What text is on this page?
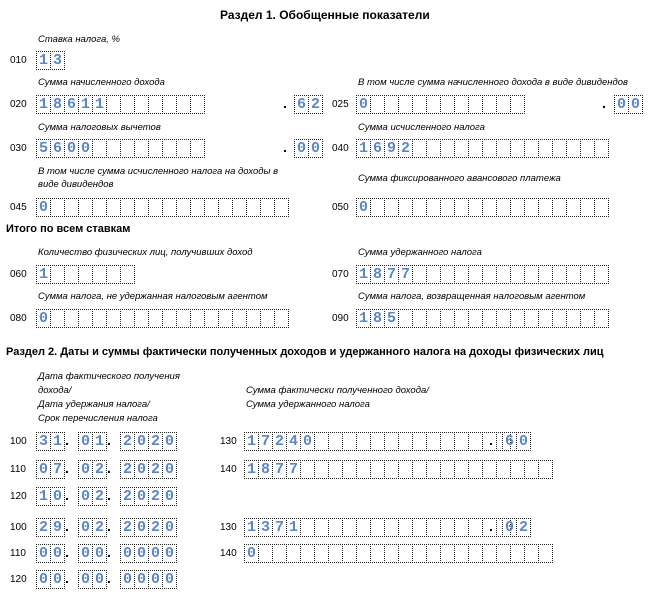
Раздел 1. Обобщенные показатели
Ставка налога, %
010 1 3
Сумма начисленного дохода
020 1 8 6 1 1	. 6 2
В том числе сумма начисленного дохода в виде дивидендов
025 0	. 0 0
Сумма налоговых вычетов
030 5 6 0 0	. 0 0
Сумма исчисленного налога
040 1 6 9 2
В том числе сумма исчисленного налога на доходы в
виде дивидендов
045 0
Сумма фиксированного авансового платежа
050 0
Итого по всем ставкам
Количество физических лиц, получивших доход
060 1
Сумма удержанного налога
070 1 8 7 7
Сумма налога, не удержанная налоговым агентом
080 0
Сумма налога, возвращенная налоговым агентом
090 1 8 5
Раздел 2. Даты и суммы фактически полученных доходов и удержанного налога на доходы физических лиц
Дата фактического получения
дохода/
Дата удержания налога/
Срок перечисления налога
Сумма фактически полученного дохода/
Сумма удержанного налога
100 3 1 . 0 1 . 2 0 2 0
110 0 7 . 0 2 . 2 0 2 0
120 1 0 . 0 2 . 2 0 2 0
130 1 7 2 4 0	. 6 0
140 1 8 7 7
100 2 9 . 0 2 . 2 0 2 0
110 0 0 . 0 0 . 0 0 0 0
120 0 0 . 0 0 . 0 0 0 0
130 1 3 7 1	. 0 2
140 0
